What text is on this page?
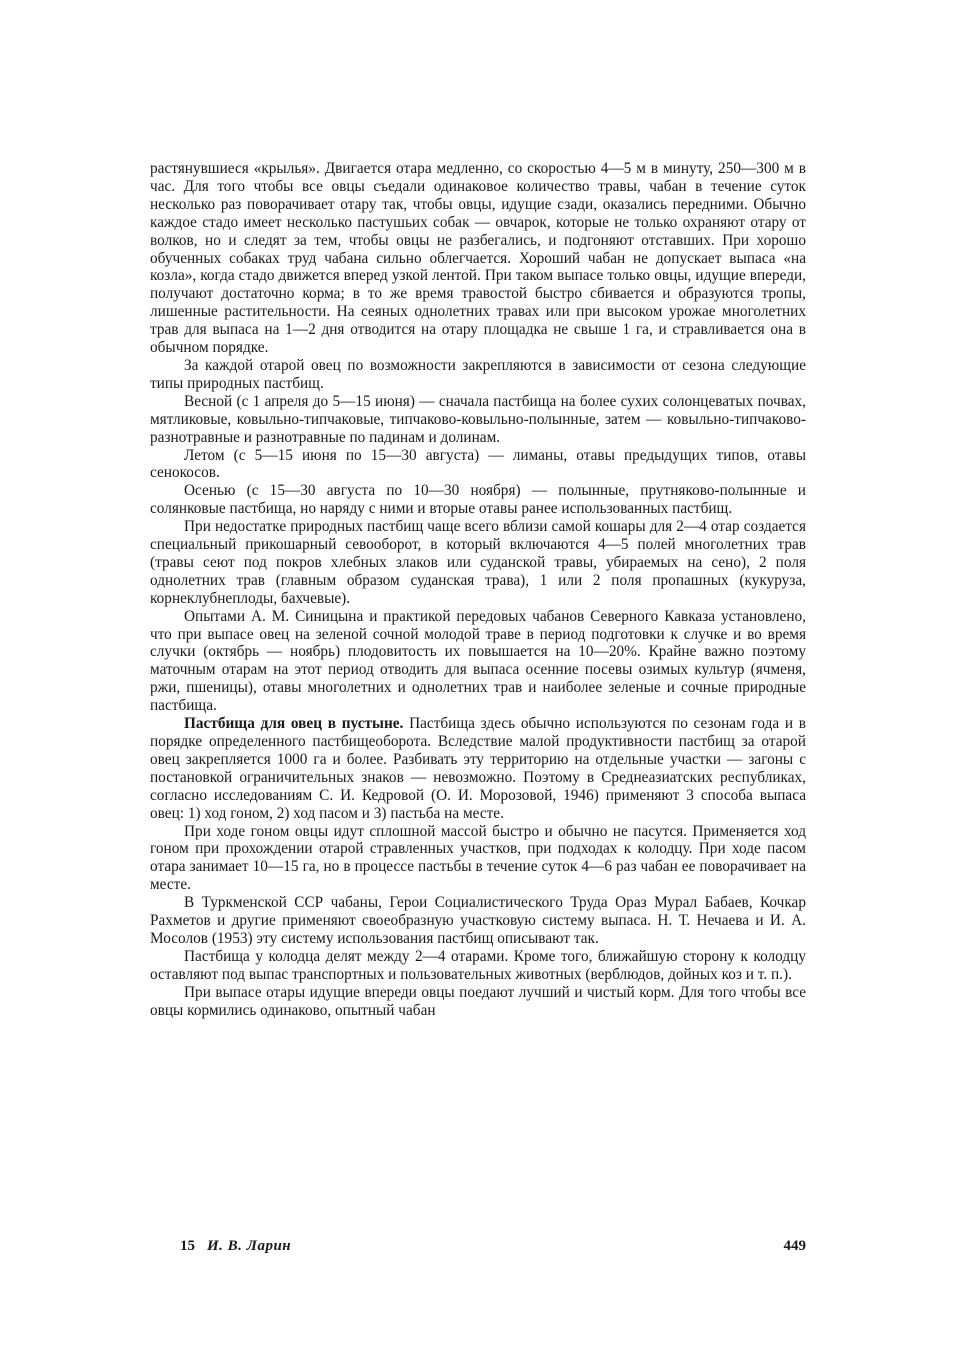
растянувшиеся «крылья». Двигается отара медленно, со скоростью 4—5 м в минуту, 250—300 м в час. Для того чтобы все овцы съедали одинаковое количество травы, чабан в течение суток несколько раз поворачивает отару так, чтобы овцы, идущие сзади, оказались передними. Обычно каждое стадо имеет несколько пастушьих собак — овчарок, которые не только охраняют отару от волков, но и следят за тем, чтобы овцы не разбегались, и подгоняют отставших. При хорошо обученных собаках труд чабана сильно облегчается. Хороший чабан не допускает выпаса «на козла», когда стадо движется вперед узкой лентой. При таком выпасе только овцы, идущие впереди, получают достаточно корма; в то же время травостой быстро сбивается и образуются тропы, лишенные растительности. На сеяных однолетних травах или при высоком урожае многолетних трав для выпаса на 1—2 дня отводится на отару площадка не свыше 1 га, и стравливается она в обычном порядке.

За каждой отарой овец по возможности закрепляются в зависимости от сезона следующие типы природных пастбищ.

Весной (с 1 апреля до 5—15 июня) — сначала пастбища на более сухих солонцеватых почвах, мятликовые, ковыльно-типчаковые, типчаково-ковыльно-полынные, затем — ковыльно-типчаково-разнотравные и разнотравные по падинам и долинам.

Летом (с 5—15 июня по 15—30 августа) — лиманы, отавы предыдущих типов, отавы сенокосов.

Осенью (с 15—30 августа по 10—30 ноября) — полынные, прутняково-полынные и солянковые пастбища, но наряду с ними и вторые отавы ранее использованных пастбищ.

При недостатке природных пастбищ чаще всего вблизи самой кошары для 2—4 отар создается специальный прикошарный севооборот, в который включаются 4—5 полей многолетних трав (травы сеют под покров хлебных злаков или суданской травы, убираемых на сено), 2 поля однолетних трав (главным образом суданская трава), 1 или 2 поля пропашных (кукуруза, корнеклубнеплоды, бахчевые).

Опытами А. М. Синицына и практикой передовых чабанов Северного Кавказа установлено, что при выпасе овец на зеленой сочной молодой траве в период подготовки к случке и во время случки (октябрь — ноябрь) плодовитость их повышается на 10—20%. Крайне важно поэтому маточным отарам на этот период отводить для выпаса осенние посевы озимых культур (ячменя, ржи, пшеницы), отавы многолетних и однолетних трав и наиболее зеленые и сочные природные пастбища.

Пастбища для овец в пустыне. Пастбища здесь обычно используются по сезонам года и в порядке определенного пастбищеоборота. Вследствие малой продуктивности пастбищ за отарой овец закрепляется 1000 га и более. Разбивать эту территорию на отдельные участки — загоны с постановкой ограничительных знаков — невозможно. Поэтому в Среднеазиатских республиках, согласно исследованиям С. И. Кедровой (О. И. Морозовой, 1946) применяют 3 способа выпаса овец: 1) ход гоном, 2) ход пасом и 3) пастьба на месте.

При ходе гоном овцы идут сплошной массой быстро и обычно не пасутся. Применяется ход гоном при прохождении отарой стравленных участков, при подходах к колодцу. При ходе пасом отара занимает 10—15 га, но в процессе пастьбы в течение суток 4—6 раз чабан ее поворачивает на месте.

В Туркменской ССР чабаны, Герои Социалистического Труда Ораз Мурал Бабаев, Кочкар Рахметов и другие применяют своеобразную участковую систему выпаса. Н. Т. Нечаева и И. А. Мосолов (1953) эту систему использования пастбищ описывают так.

Пастбища у колодца делят между 2—4 отарами. Кроме того, ближайшую сторону к колодцу оставляют под выпас транспортных и пользовательных животных (верблюдов, дойных коз и т. п.).

При выпасе отары идущие впереди овцы поедают лучший и чистый корм. Для того чтобы все овцы кормились одинаково, опытный чабан

15 И. В. Ларин	449
